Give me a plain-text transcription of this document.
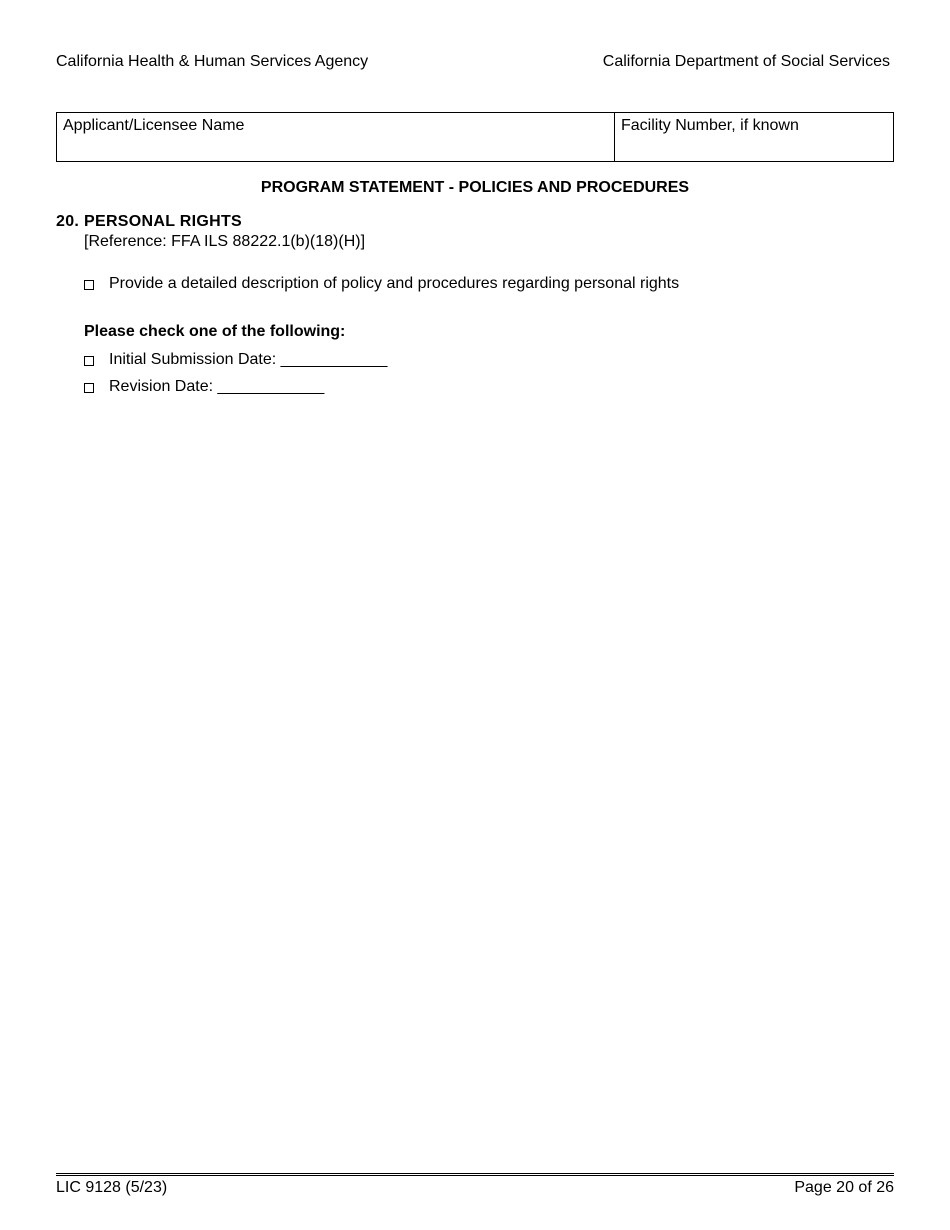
California Health & Human Services Agency	California Department of Social Services
Applicant/Licensee Name	Facility Number, if known
PROGRAM STATEMENT - POLICIES AND PROCEDURES
20. PERSONAL RIGHTS
[Reference: FFA ILS 88222.1(b)(18)(H)]
Provide a detailed description of policy and procedures regarding personal rights
Please check one of the following:
Initial Submission Date: ____________
Revision Date: ____________
LIC 9128 (5/23)	Page 20 of 26
